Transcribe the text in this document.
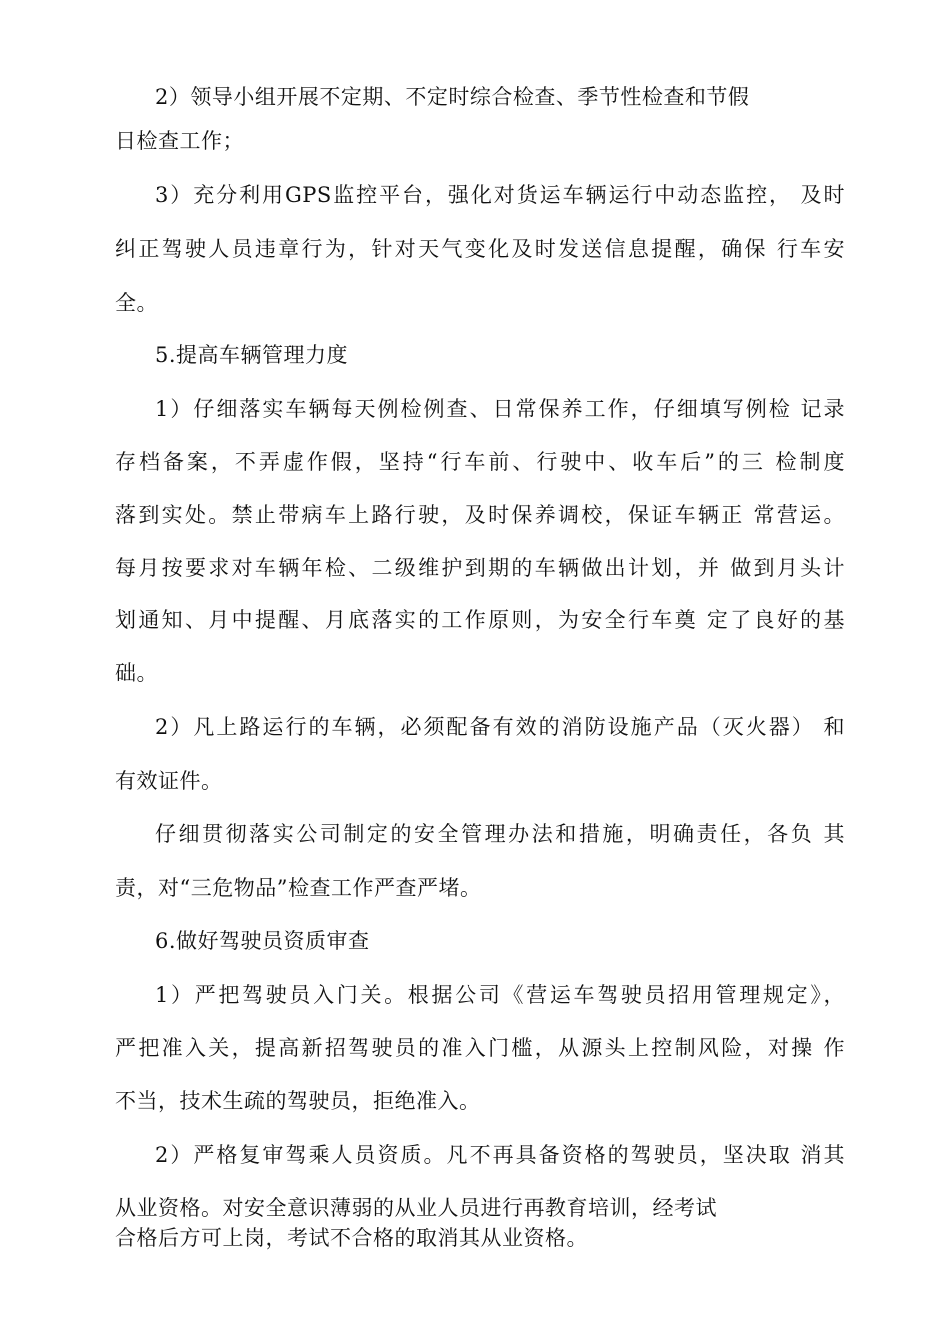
2）领导小组开展不定期、不定时综合检查、季节性检查和节假
日检查工作；
3）充分利用GPS监控平台，强化对货运车辆运行中动态监控， 及时
纠正驾驶人员违章行为，针对天气变化及时发送信息提醒，确保 行车安
全。
5.提高车辆管理力度
1）仔细落实车辆每天例检例查、日常保养工作，仔细填写例检 记录
存档备案，不弄虚作假，坚持“行车前、行驶中、收车后”的三 检制度
落到实处。禁止带病车上路行驶，及时保养调校，保证车辆正 常营运。
每月按要求对车辆年检、二级维护到期的车辆做出计划，并 做到月头计
划通知、月中提醒、月底落实的工作原则，为安全行车奠 定了良好的基
础。
2）凡上路运行的车辆，必须配备有效的消防设施产品（灭火器） 和
有效证件。
仔细贯彻落实公司制定的安全管理办法和措施，明确责任，各负 其
责，对“三危物品”检查工作严查严堵。
6.做好驾驶员资质审查
1）严把驾驶员入门关。根据公司《营运车驾驶员招用管理规定》，
严把准入关，提高新招驾驶员的准入门槛，从源头上控制风险，对操 作
不当，技术生疏的驾驶员，拒绝准入。
2）严格复审驾乘人员资质。凡不再具备资格的驾驶员，坚决取 消其
从业资格。对安全意识薄弱的从业人员进行再教育培训，经考试
合格后方可上岗，考试不合格的取消其从业资格。
